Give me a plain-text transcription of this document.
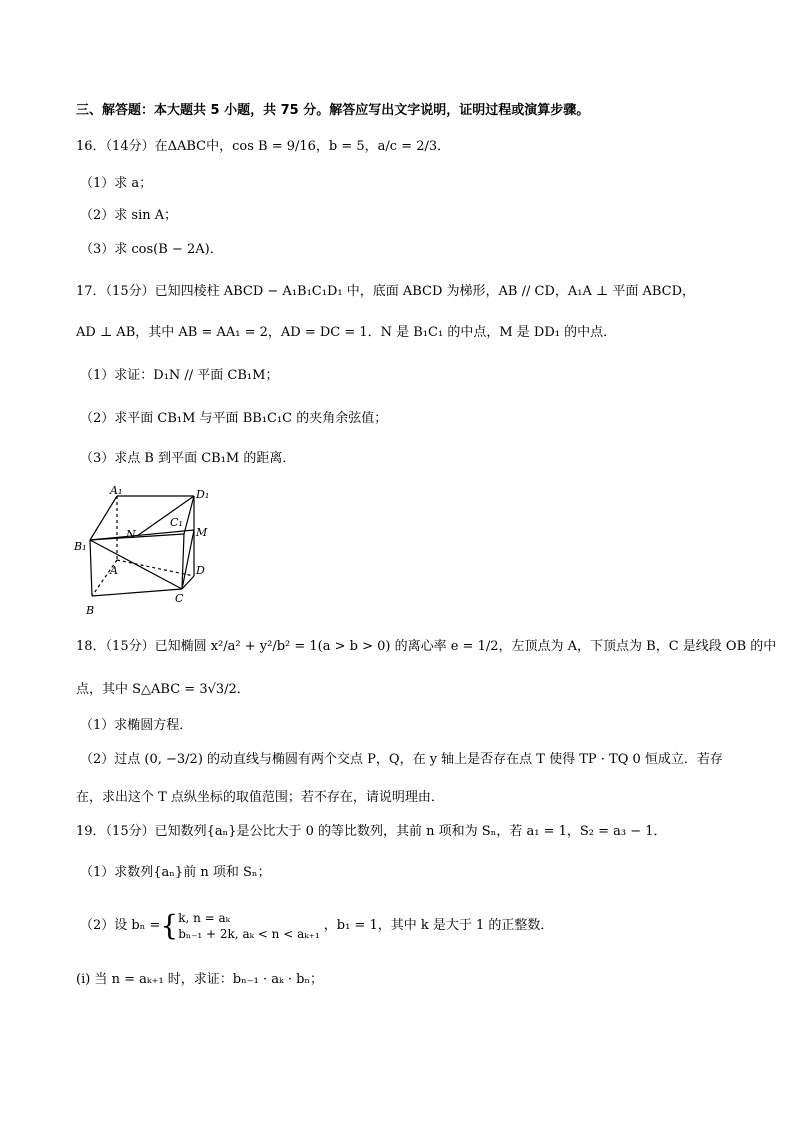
三、解答题：本大题共 5 小题，共 75 分。解答应写出文字说明，证明过程或演算步骤。
16．（14分）在ΔABC中，cos B = 9/16，b = 5，a/c = 2/3．
（1）求 a；
（2）求 sin A；
（3）求 cos(B − 2A)．
17．（15分）已知四棱柱 ABCD − A₁B₁C₁D₁ 中，底面 ABCD 为梯形，AB // CD，A₁A ⊥ 平面 ABCD，
AD ⊥ AB，其中 AB = AA₁ = 2，AD = DC = 1．N 是 B₁C₁ 的中点，M 是 DD₁ 的中点．
（1）求证：D₁N // 平面 CB₁M；
（2）求平面 CB₁M 与平面 BB₁C₁C 的夹角余弦值；
（3）求点 B 到平面 CB₁M 的距离．
A₁	D₁
N
C₁
M
B₁
A	D
C
B
18．（15分）已知椭圆 x²/a² + y²/b² = 1(a > b > 0) 的离心率 e = 1/2，左顶点为 A，下顶点为 B，C 是线段 OB 的中
点，其中 S△ABC = 3√3/2．
（1）求椭圆方程．
（2）过点 (0, −3/2) 的动直线与椭圆有两个交点 P，Q，在 y 轴上是否存在点 T 使得 TP · TQ 0 恒成立．若存
在，求出这个 T 点纵坐标的取值范围；若不存在，请说明理由．
19．（15分）已知数列{aₙ}是公比大于 0 的等比数列，其前 n 项和为 Sₙ，若 a₁ = 1，S₂ = a₃ − 1．
（1）求数列{aₙ}前 n 项和 Sₙ；
（2）设 bₙ = { k, n = aₖ
bₙ₋₁ + 2k, aₖ < n < aₖ₊₁
，b₁ = 1，其中 k 是大于 1 的正整数．
(i) 当 n = aₖ₊₁ 时，求证：bₙ₋₁ · aₖ · bₙ；
